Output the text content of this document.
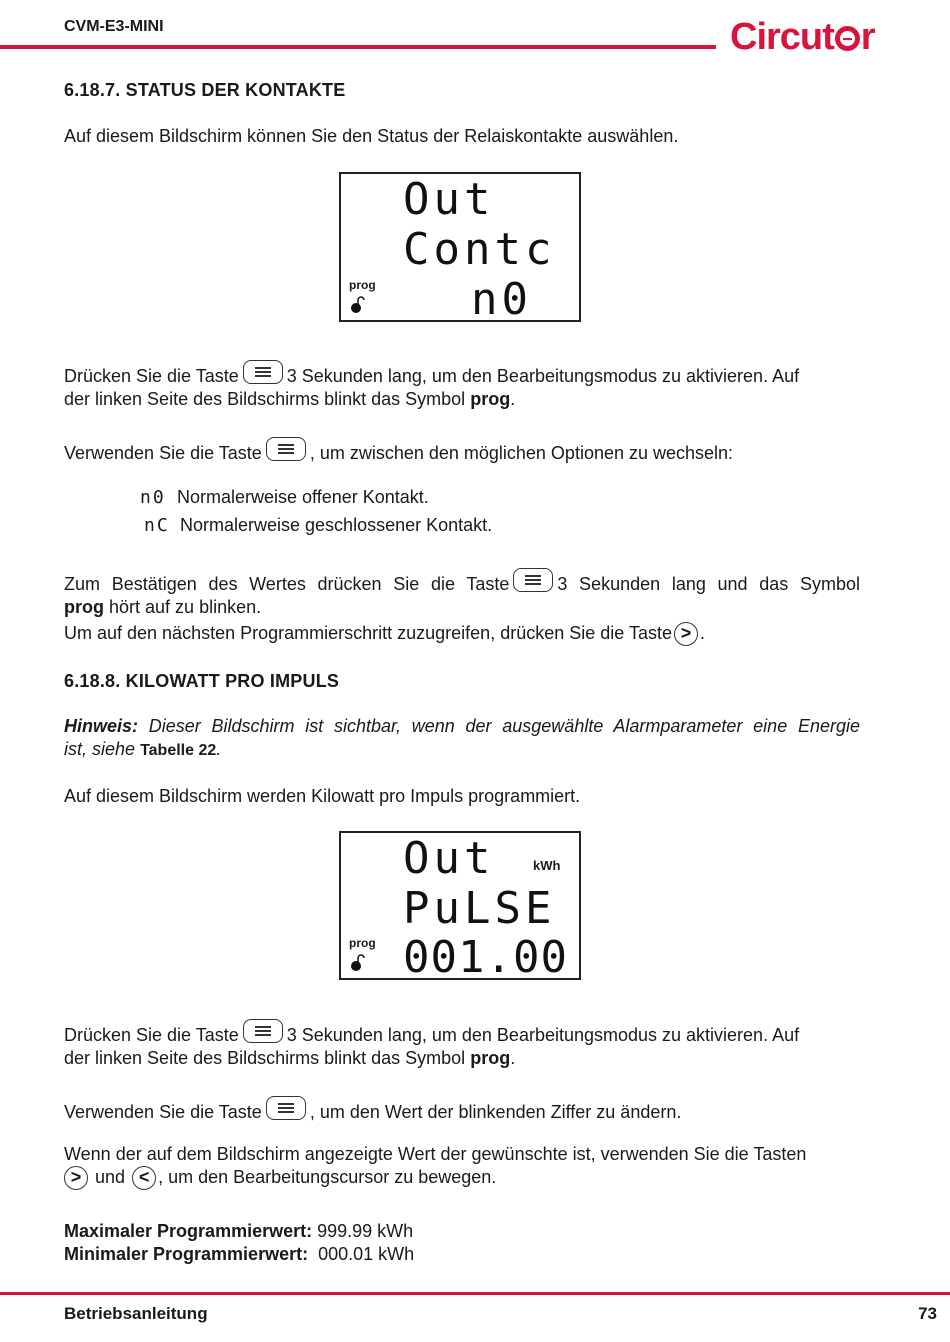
CVM-E3-MINI	Circut r
6.18.7. STATUS DER KONTAKTE

Auf diesem Bildschirm können Sie den Status der Relaiskontakte auswählen.

Out
Contc
n0
prog

Drücken Sie die Taste	3 Sekunden lang, um den Bearbeitungsmodus zu aktivieren. Auf
der linken Seite des Bildschirms blinkt das Symbol prog.

Verwenden Sie die Taste	, um zwischen den möglichen Optionen zu wechseln:

n0 Normalerweise offener Kontakt.
nC Normalerweise geschlossener Kontakt.

Zum Bestätigen des Wertes drücken Sie die Taste	3 Sekunden lang und das Symbol
prog hört auf zu blinken.

Um auf den nächsten Programmierschritt zuzugreifen, drücken Sie die Taste > .

6.18.8. KILOWATT PRO IMPULS

Hinweis: Dieser Bildschirm ist sichtbar, wenn der ausgewählte Alarmparameter eine Energie
ist, siehe Tabelle 22.

Auf diesem Bildschirm werden Kilowatt pro Impuls programmiert.

Out	kWh
PuLSE
001.00
prog

Drücken Sie die Taste	3 Sekunden lang, um den Bearbeitungsmodus zu aktivieren. Auf
der linken Seite des Bildschirms blinkt das Symbol prog.

Verwenden Sie die Taste	, um den Wert der blinkenden Ziffer zu ändern.

Wenn der auf dem Bildschirm angezeigte Wert der gewünschte ist, verwenden Sie die Tasten
> und < , um den Bearbeitungscursor zu bewegen.

Maximaler Programmierwert: 999.99 kWh
Minimaler Programmierwert: 000.01 kWh

Betriebsanleitung	73
